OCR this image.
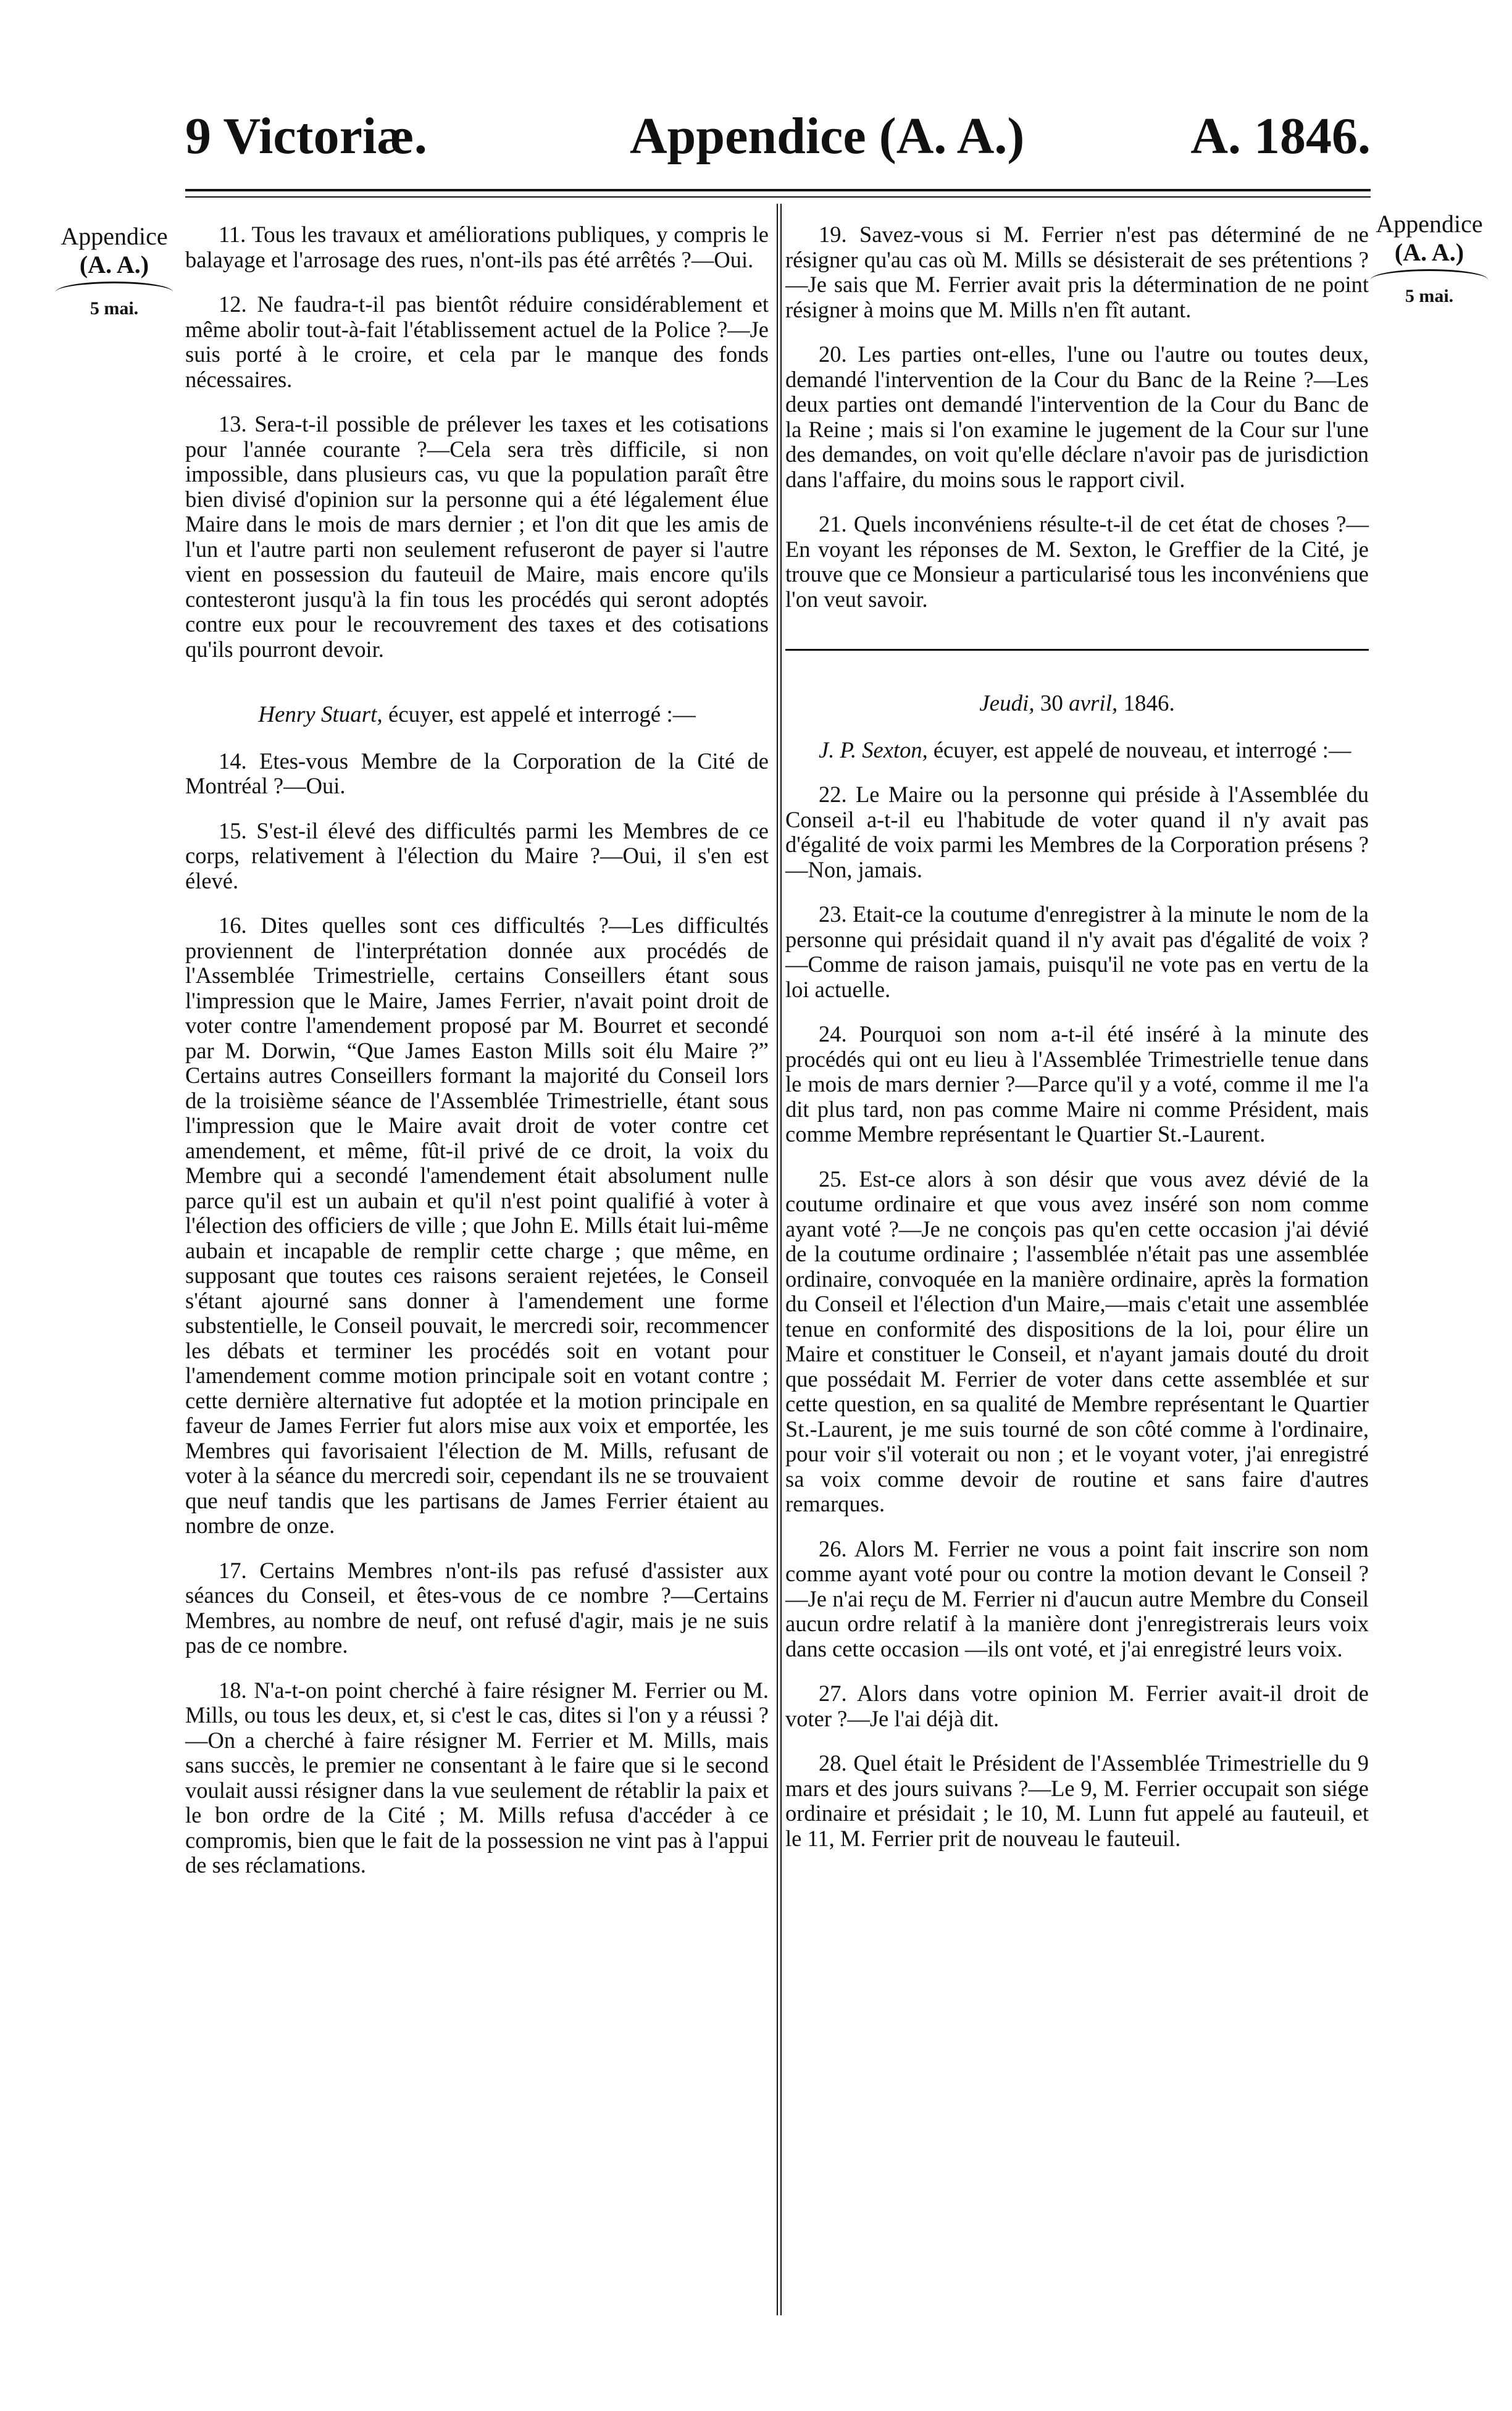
9 Victoriæ.	Appendice (A. A.)	A. 1846.
Appendice
(A. A.)
5 mai.
Appendice
(A. A.)
5 mai.

11. Tous les travaux et améliorations publiques, y compris le balayage et l'arrosage des rues, n'ont-ils pas été arrêtés ?—Oui.

12. Ne faudra-t-il pas bientôt réduire considérablement et même abolir tout-à-fait l'établissement actuel de la Police ?—Je suis porté à le croire, et cela par le manque des fonds nécessaires.

13. Sera-t-il possible de prélever les taxes et les cotisations pour l'année courante ?—Cela sera très difficile, si non impossible, dans plusieurs cas, vu que la population paraît être bien divisé d'opinion sur la personne qui a été légalement élue Maire dans le mois de mars dernier ; et l'on dit que les amis de l'un et l'autre parti non seulement refuseront de payer si l'autre vient en possession du fauteuil de Maire, mais encore qu'ils contesteront jusqu'à la fin tous les procédés qui seront adoptés contre eux pour le recouvrement des taxes et des cotisations qu'ils pourront devoir.

Henry Stuart, écuyer, est appelé et interrogé :—

14. Etes-vous Membre de la Corporation de la Cité de Montréal ?—Oui.

15. S'est-il élevé des difficultés parmi les Membres de ce corps, relativement à l'élection du Maire ?—Oui, il s'en est élevé.

16. Dites quelles sont ces difficultés ?—Les difficultés proviennent de l'interprétation donnée aux procédés de l'Assemblée Trimestrielle, certains Conseillers étant sous l'impression que le Maire, James Ferrier, n'avait point droit de voter contre l'amendement proposé par M. Bourret et secondé par M. Dorwin, “Que James Easton Mills soit élu Maire ?” Certains autres Conseillers formant la majorité du Conseil lors de la troisième séance de l'Assemblée Trimestrielle, étant sous l'impression que le Maire avait droit de voter contre cet amendement, et même, fût-il privé de ce droit, la voix du Membre qui a secondé l'amendement était absolument nulle parce qu'il est un aubain et qu'il n'est point qualifié à voter à l'élection des officiers de ville ; que John E. Mills était lui-même aubain et incapable de remplir cette charge ; que même, en supposant que toutes ces raisons seraient rejetées, le Conseil s'étant ajourné sans donner à l'amendement une forme substentielle, le Conseil pouvait, le mercredi soir, recommencer les débats et terminer les procédés soit en votant pour l'amendement comme motion principale soit en votant contre ; cette dernière alternative fut adoptée et la motion principale en faveur de James Ferrier fut alors mise aux voix et emportée, les Membres qui favorisaient l'élection de M. Mills, refusant de voter à la séance du mercredi soir, cependant ils ne se trouvaient que neuf tandis que les partisans de James Ferrier étaient au nombre de onze.

17. Certains Membres n'ont-ils pas refusé d'assister aux séances du Conseil, et êtes-vous de ce nombre ?—Certains Membres, au nombre de neuf, ont refusé d'agir, mais je ne suis pas de ce nombre.

18. N'a-t-on point cherché à faire résigner M. Ferrier ou M. Mills, ou tous les deux, et, si c'est le cas, dites si l'on y a réussi ?—On a cherché à faire résigner M. Ferrier et M. Mills, mais sans succès, le premier ne consentant à le faire que si le second voulait aussi résigner dans la vue seulement de rétablir la paix et le bon ordre de la Cité ; M. Mills refusa d'accéder à ce compromis, bien que le fait de la possession ne vint pas à l'appui de ses réclamations.

19. Savez-vous si M. Ferrier n'est pas déterminé de ne résigner qu'au cas où M. Mills se désisterait de ses prétentions ?—Je sais que M. Ferrier avait pris la détermination de ne point résigner à moins que M. Mills n'en fît autant.

20. Les parties ont-elles, l'une ou l'autre ou toutes deux, demandé l'intervention de la Cour du Banc de la Reine ?—Les deux parties ont demandé l'intervention de la Cour du Banc de la Reine ; mais si l'on examine le jugement de la Cour sur l'une des demandes, on voit qu'elle déclare n'avoir pas de jurisdiction dans l'affaire, du moins sous le rapport civil.

21. Quels inconvéniens résulte-t-il de cet état de choses ?—En voyant les réponses de M. Sexton, le Greffier de la Cité, je trouve que ce Monsieur a particularisé tous les inconvéniens que l'on veut savoir.

Jeudi, 30 avril, 1846.

J. P. Sexton, écuyer, est appelé de nouveau, et interrogé :—

22. Le Maire ou la personne qui préside à l'Assemblée du Conseil a-t-il eu l'habitude de voter quand il n'y avait pas d'égalité de voix parmi les Membres de la Corporation présens ?—Non, jamais.

23. Etait-ce la coutume d'enregistrer à la minute le nom de la personne qui présidait quand il n'y avait pas d'égalité de voix ?—Comme de raison jamais, puisqu'il ne vote pas en vertu de la loi actuelle.

24. Pourquoi son nom a-t-il été inséré à la minute des procédés qui ont eu lieu à l'Assemblée Trimestrielle tenue dans le mois de mars dernier ?—Parce qu'il y a voté, comme il me l'a dit plus tard, non pas comme Maire ni comme Président, mais comme Membre représentant le Quartier St.-Laurent.

25. Est-ce alors à son désir que vous avez dévié de la coutume ordinaire et que vous avez inséré son nom comme ayant voté ?—Je ne conçois pas qu'en cette occasion j'ai dévié de la coutume ordinaire ; l'assemblée n'était pas une assemblée ordinaire, convoquée en la manière ordinaire, après la formation du Conseil et l'élection d'un Maire,—mais c'etait une assemblée tenue en conformité des dispositions de la loi, pour élire un Maire et constituer le Conseil, et n'ayant jamais douté du droit que possédait M. Ferrier de voter dans cette assemblée et sur cette question, en sa qualité de Membre représentant le Quartier St.-Laurent, je me suis tourné de son côté comme à l'ordinaire, pour voir s'il voterait ou non ; et le voyant voter, j'ai enregistré sa voix comme devoir de routine et sans faire d'autres remarques.

26. Alors M. Ferrier ne vous a point fait inscrire son nom comme ayant voté pour ou contre la motion devant le Conseil ?—Je n'ai reçu de M. Ferrier ni d'aucun autre Membre du Conseil aucun ordre relatif à la manière dont j'enregistrerais leurs voix dans cette occasion —ils ont voté, et j'ai enregistré leurs voix.

27. Alors dans votre opinion M. Ferrier avait-il droit de voter ?—Je l'ai déjà dit.

28. Quel était le Président de l'Assemblée Trimestrielle du 9 mars et des jours suivans ?—Le 9, M. Ferrier occupait son siége ordinaire et présidait ; le 10, M. Lunn fut appelé au fauteuil, et le 11, M. Ferrier prit de nouveau le fauteuil.
